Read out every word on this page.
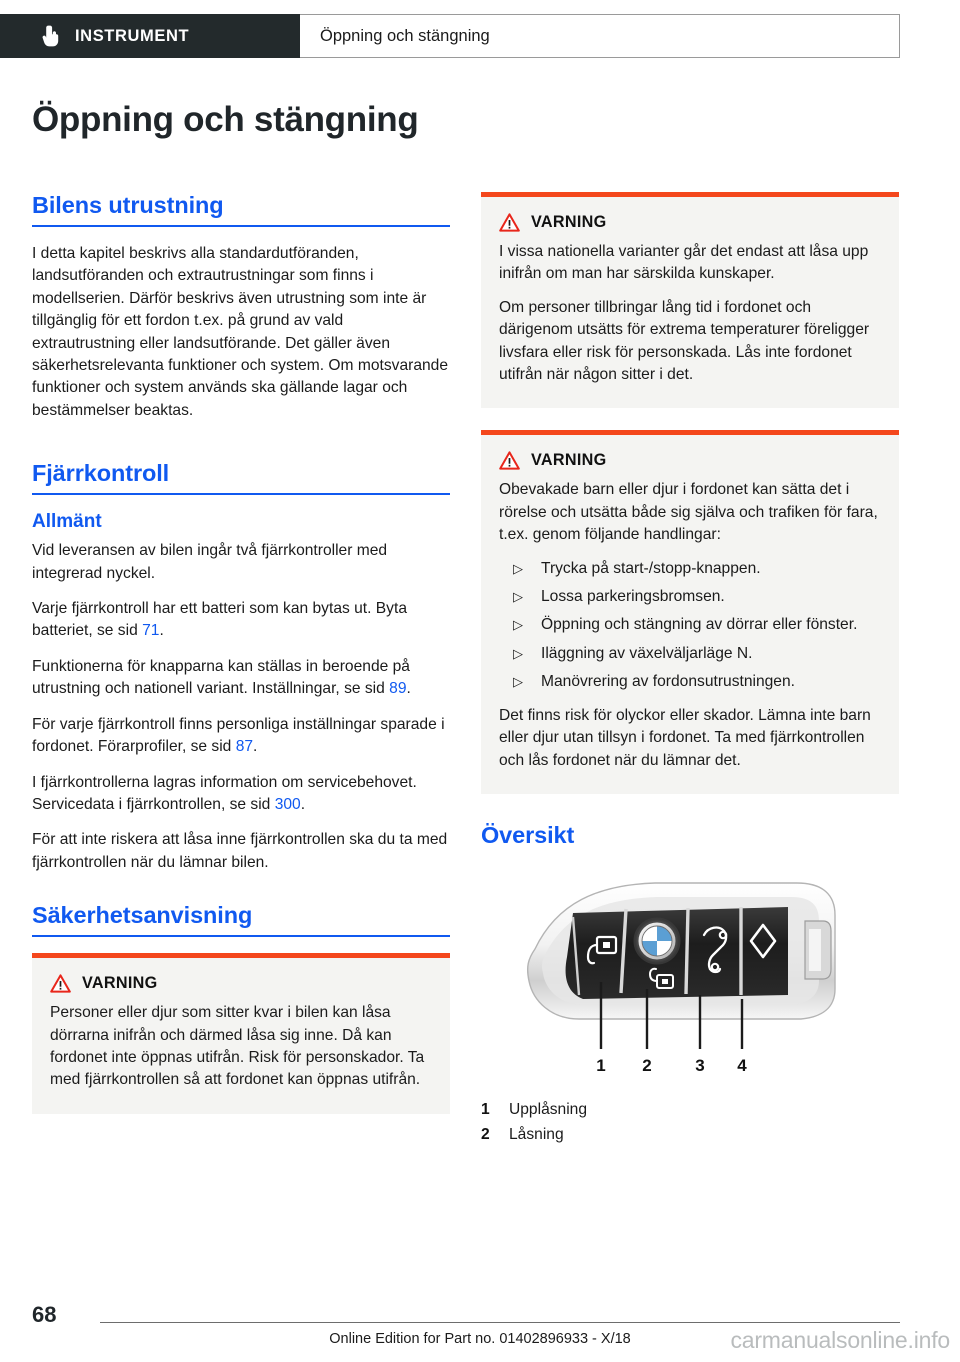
INSTRUMENT	Öppning och stängning
Öppning och stängning
Bilens utrustning

I detta kapitel beskrivs alla standardutföranden, landsutföranden och extrautrustningar som finns i modellserien. Därför beskrivs även utrustning som inte är tillgänglig för ett fordon t.ex. på grund av vald extrautrustning eller landsutförande. Det gäller även säkerhetsrelevanta funktioner och system. Om motsvarande funktioner och system används ska gällande lagar och bestämmelser beaktas.

Fjärrkontroll
Allmänt

Vid leveransen av bilen ingår två fjärrkontroller med integrerad nyckel.

Varje fjärrkontroll har ett batteri som kan bytas ut. Byta batteriet, se sid 71.

Funktionerna för knapparna kan ställas in beroende på utrustning och nationell variant. Inställningar, se sid 89.

För varje fjärrkontroll finns personliga inställningar sparade i fordonet. Förarprofiler, se sid 87.

I fjärrkontrollerna lagras information om servicebehovet. Servicedata i fjärrkontrollen, se sid 300.

För att inte riskera att låsa inne fjärrkontrollen ska du ta med fjärrkontrollen när du lämnar bilen.

Säkerhetsanvisning
VARNING

Personer eller djur som sitter kvar i bilen kan låsa dörrarna inifrån och därmed låsa sig inne. Då kan fordonet inte öppnas utifrån. Risk för personskador. Ta med fjärrkontrollen så att fordonet kan öppnas utifrån.

VARNING

I vissa nationella varianter går det endast att låsa upp inifrån om man har särskilda kunskaper.

Om personer tillbringar lång tid i fordonet och därigenom utsätts för extrema temperaturer föreligger livsfara eller risk för personskada. Lås inte fordonet utifrån när någon sitter i det.

VARNING

Obevakade barn eller djur i fordonet kan sätta det i rörelse och utsätta både sig själva och trafiken för fara, t.ex. genom följande handlingar:

▷ Trycka på start-/stopp-knappen.
▷ Lossa parkeringsbromsen.
▷ Öppning och stängning av dörrar eller fönster.
▷ Iläggning av växelväljarläge N.
▷ Manövrering av fordonsutrustningen.

Det finns risk för olyckor eller skador. Lämna inte barn eller djur utan tillsyn i fordonet. Ta med fjärrkontrollen och lås fordonet när du lämnar det.

Översikt
1 2	3 4
1	Upplåsning
2	Låsning
68
Online Edition for Part no. 01402896933 - X/18	carmanualsonline.info
